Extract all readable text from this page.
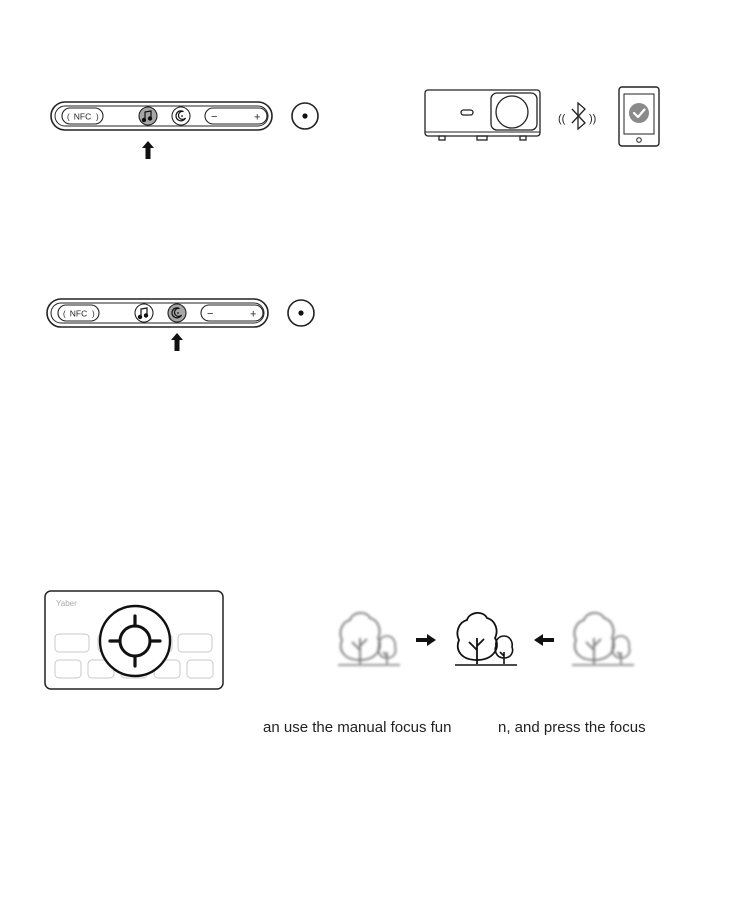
NFC
(	)	−	+	(( ))
NFC
(	)	−	+
Yaber
an use the manual focus fun	n, and press the focus
